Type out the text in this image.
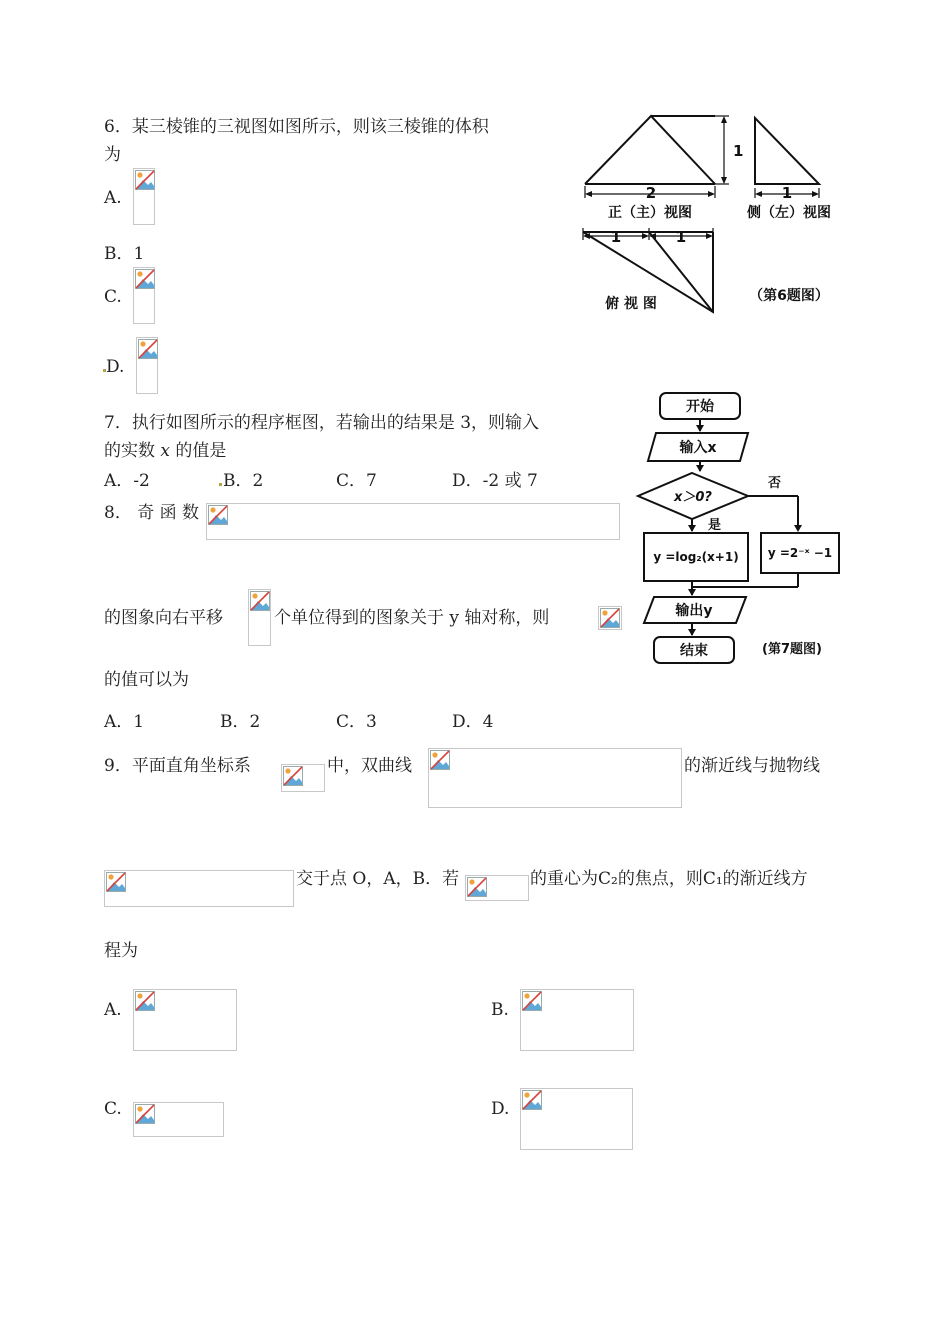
6．某三棱锥的三视图如图所示，则该三棱锥的体积
为
A.
B．1
C.
D.
2
1
1
1	1
正（主）视图	侧（左）视图
俯 视 图	（第6题图）
7．执行如图所示的程序框图，若输出的结果是 3，则输入
的实数 x 的值是
A．-2	B．2	C．7	D．-2 或 7
开始
输入x
x＞0?
否
是
y =log₂(x+1) y =2⁻ˣ −1
输出y
结束	(第7题图)
8． 奇 函 数
的图象向右平移	个单位得到的图象关于 y 轴对称，则
的值可以为
A．1	B．2	C．3	D．4
9．平面直角坐标系	中，双曲线	的渐近线与抛物线
交于点 O，A，B．若	的重心为C₂的焦点，则C₁的渐近线方
程为
A.	B.
C.	D.
